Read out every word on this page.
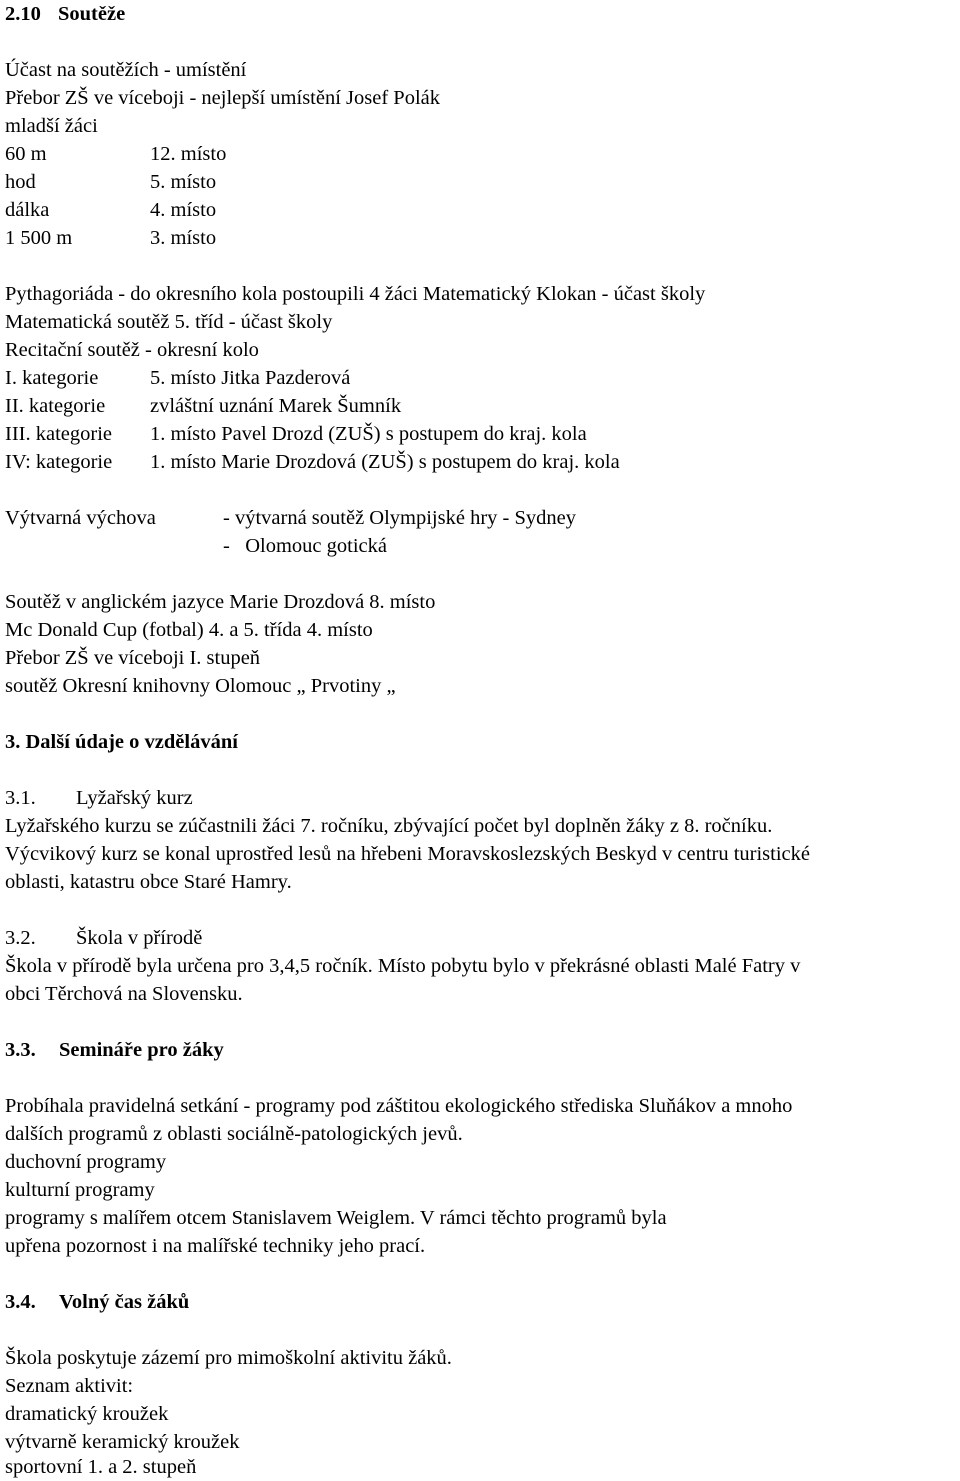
2.10 Soutěže
Účast na soutěžích - umístění
Přebor ZŠ ve víceboji - nejlepší umístění Josef Polák
mladší žáci
60 m	12. místo
hod	5. místo
dálka	4. místo
1 500 m	3. místo
Pythagoriáda - do okresního kola postoupili 4 žáci Matematický Klokan - účast školy
Matematická soutěž 5. tříd - účast školy
Recitační soutěž - okresní kolo
I. kategorie	5. místo Jitka Pazderová
II. kategorie zvláštní uznání Marek Šumník
III. kategorie 1. místo Pavel Drozd (ZUŠ) s postupem do kraj. kola
IV: kategorie 1. místo Marie Drozdová (ZUŠ) s postupem do kraj. kola
Výtvarná výchova	- výtvarná soutěž Olympijské hry - Sydney
-   Olomouc gotická
Soutěž v anglickém jazyce Marie Drozdová 8. místo
Mc Donald Cup (fotbal) 4. a 5. třída 4. místo
Přebor ZŠ ve víceboji I. stupeň
soutěž Okresní knihovny Olomouc „ Prvotiny „
3. Další údaje o vzdělávání
3.1. Lyžařský kurz
Lyžařského kurzu se zúčastnili žáci 7. ročníku, zbývající počet byl doplněn žáky z 8. ročníku.
Výcvikový kurz se konal uprostřed lesů na hřebeni Moravskoslezských Beskyd v centru turistické
oblasti, katastru obce Staré Hamry.
3.2. Škola v přírodě
Škola v přírodě byla určena pro 3,4,5 ročník. Místo pobytu bylo v překrásné oblasti Malé Fatry v
obci Těrchová na Slovensku.
3.3. Semináře pro žáky
Probíhala pravidelná setkání - programy pod záštitou ekologického střediska Sluňákov a mnoho
dalších programů z oblasti sociálně-patologických jevů.
duchovní programy
kulturní programy
programy s malířem otcem Stanislavem Weiglem. V rámci těchto programů byla
upřena pozornost i na malířské techniky jeho prací.
3.4. Volný čas žáků
Škola poskytuje zázemí pro mimoškolní aktivitu žáků.
Seznam aktivit:
dramatický kroužek
výtvarně keramický kroužek
sportovní 1. a 2. stupeň
